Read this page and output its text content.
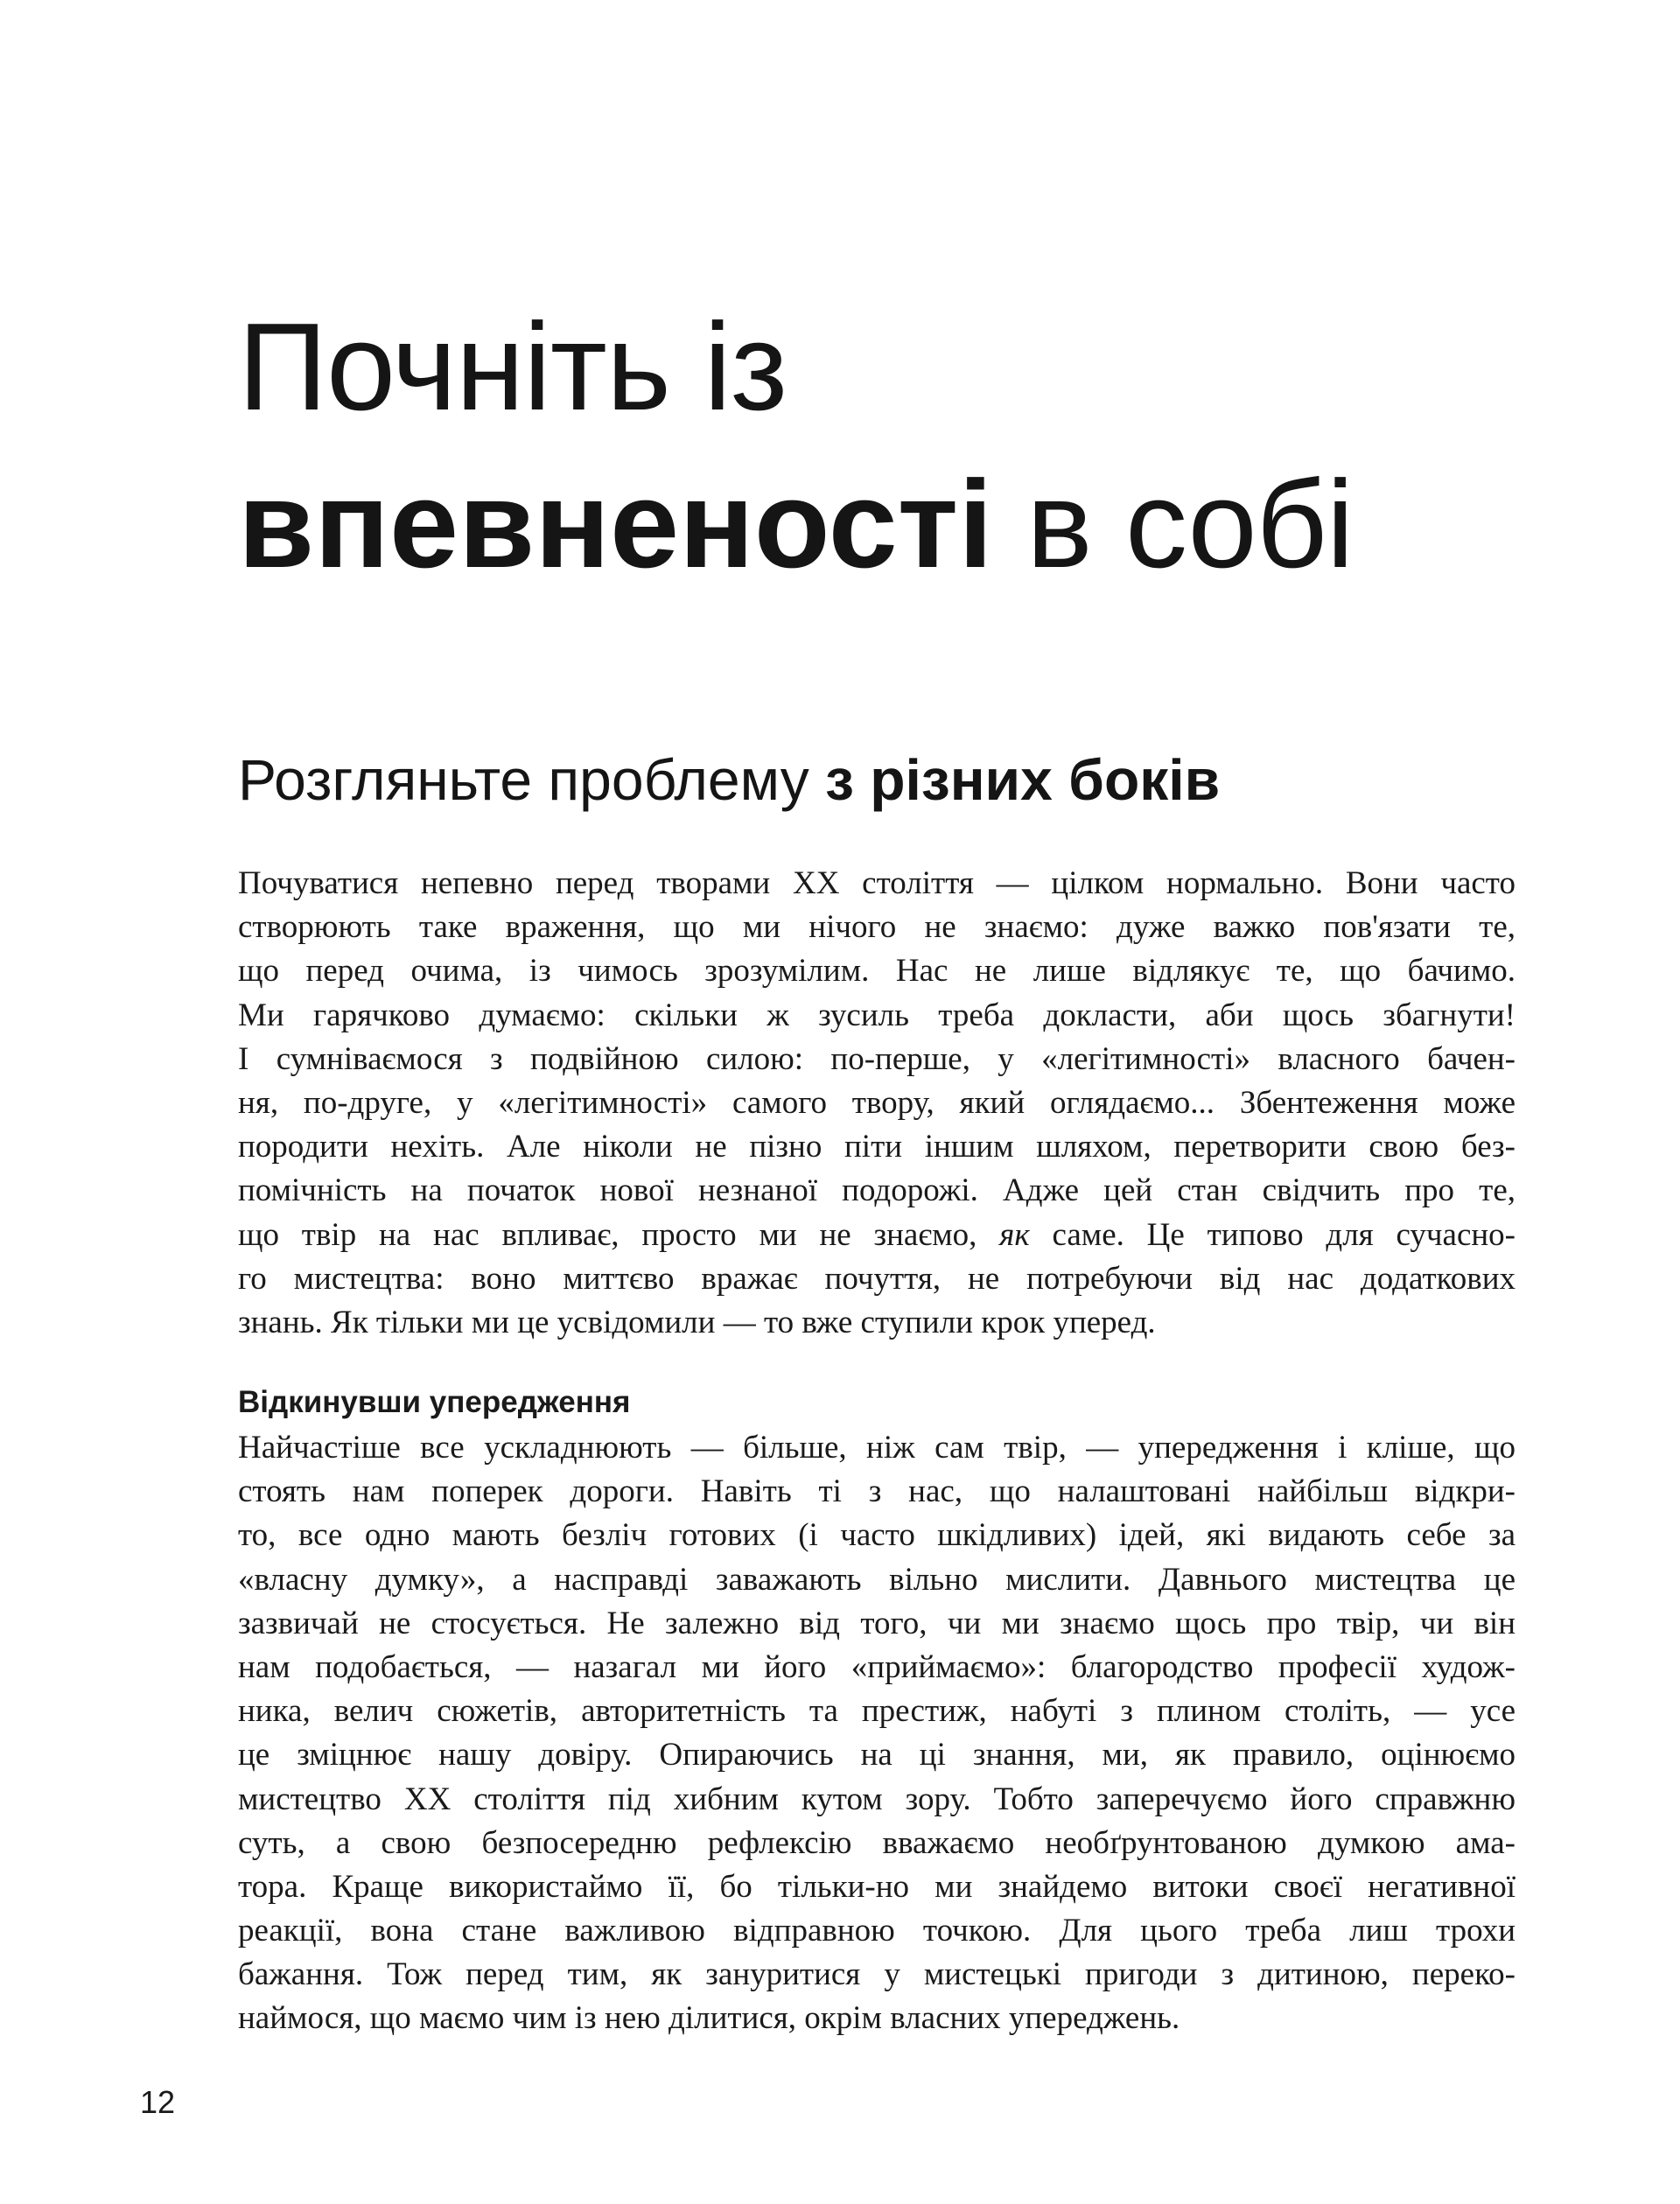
Почніть із
впевненості в собі
Розгляньте проблему з різних боків
Почуватися непевно перед творами XX століття — цілком нормально. Вони часто
створюють таке враження, що ми нічого не знаємо: дуже важко пов'язати те,
що перед очима, із чимось зрозумілим. Нас не лише відлякує те, що бачимо.
Ми гарячково думаємо: скільки ж зусиль треба докласти, аби щось збагнути!
І сумніваємося з подвійною силою: по-перше, у «легітимності» власного бачен-
ня, по-друге, у «легітимності» самого твору, який оглядаємо... Збентеження може
породити нехіть. Але ніколи не пізно піти іншим шляхом, перетворити свою без-
помічність на початок нової незнаної подорожі. Адже цей стан свідчить про те,
що твір на нас впливає, просто ми не знаємо, як саме. Це типово для сучасно-
го мистецтва: воно миттєво вражає почуття, не потребуючи від нас додаткових
знань. Як тільки ми це усвідомили — то вже ступили крок уперед.
Відкинувши упередження
Найчастіше все ускладнюють — більше, ніж сам твір, — упередження і кліше, що
стоять нам поперек дороги. Навіть ті з нас, що налаштовані найбільш відкри-
то, все одно мають безліч готових (і часто шкідливих) ідей, які видають себе за
«власну думку», а насправді заважають вільно мислити. Давнього мистецтва це
зазвичай не стосується. Не залежно від того, чи ми знаємо щось про твір, чи він
нам подобається, — назагал ми його «приймаємо»: благородство професії худож-
ника, велич сюжетів, авторитетність та престиж, набуті з плином століть, — усе
це зміцнює нашу довіру. Опираючись на ці знання, ми, як правило, оцінюємо
мистецтво XX століття під хибним кутом зору. Тобто заперечуємо його справжню
суть, а свою безпосередню рефлексію вважаємо необґрунтованою думкою ама-
тора. Краще використаймо її, бо тільки-но ми знайдемо витоки своєї негативної
реакції, вона стане важливою відправною точкою. Для цього треба лиш трохи
бажання. Тож перед тим, як зануритися у мистецькі пригоди з дитиною, переко-
наймося, що маємо чим із нею ділитися, окрім власних упереджень.
12
